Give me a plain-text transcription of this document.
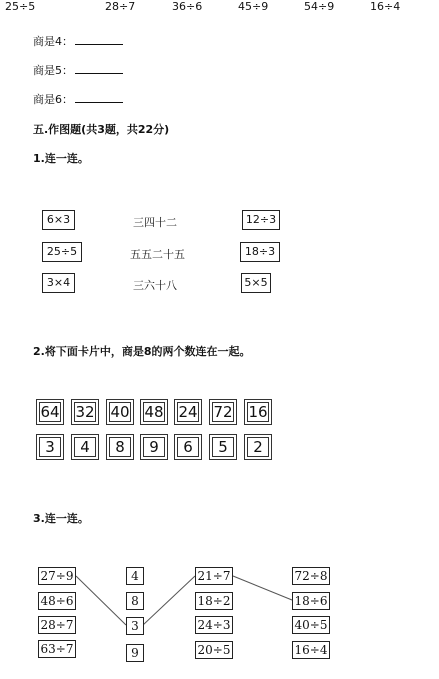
25÷5	28÷7	36÷6	45÷9	54÷9	16÷4
商是4：
商是5：
商是6：
五.作图题(共3题，共22分)
1.连一连。
6×3
25÷5
3×4
三四十二
五五二十五
三六十八
12÷3
18÷3
5×5
2.将下面卡片中，商是8的两个数连在一起。
64 32 40 48 24 72 16
3	4	8	9	6	5	2
3.连一连。
27÷9
48÷6
28÷7
63÷7
4
8
3
9
21÷7
18÷2
24÷3
20÷5
72÷8
18÷6
40÷5
16÷4
